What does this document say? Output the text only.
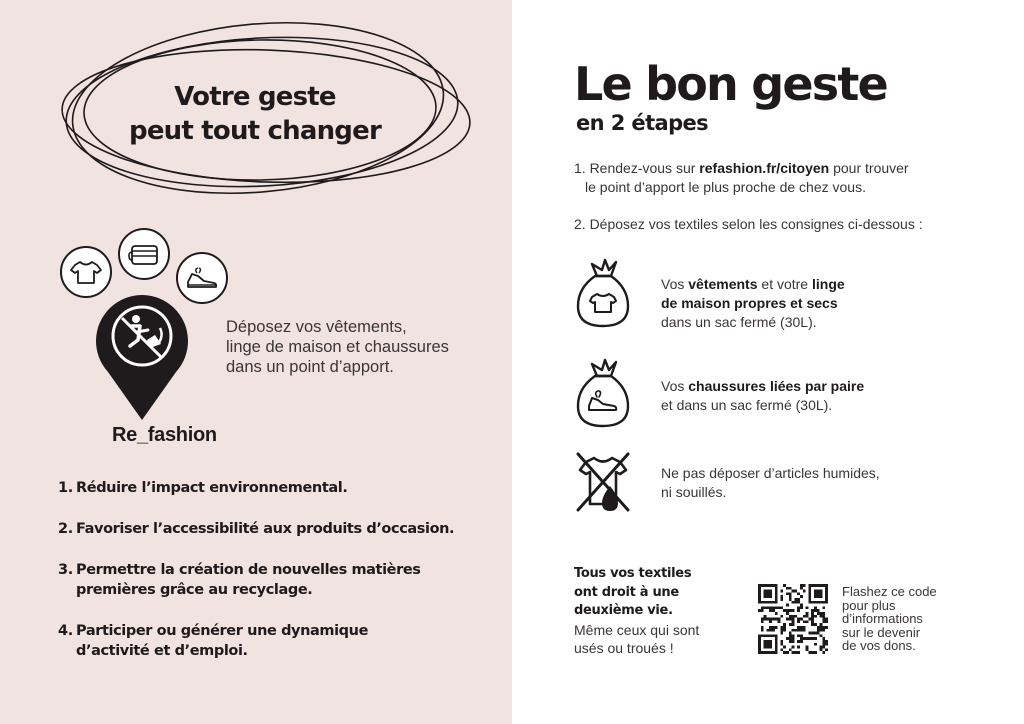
Votre geste
peut tout changer
Re_fashion
Déposez vos vêtements,
linge de maison et chaussures
dans un point d’apport.
1. Réduire l’impact environnemental.
2. Favoriser l’accessibilité aux produits d’occasion.
3. Permettre la création de nouvelles matières
premières grâce au recyclage.
4. Participer ou générer une dynamique
d’activité et d’emploi.
Le bon geste
en 2 étapes
1. Rendez-vous sur refashion.fr/citoyen pour trouver
le point d’apport le plus proche de chez vous.
2. Déposez vos textiles selon les consignes ci-dessous :
Vos vêtements et votre linge
de maison propres et secs
dans un sac fermé (30L).
Vos chaussures liées par paire
et dans un sac fermé (30L).
Ne pas déposer d’articles humides,
ni souillés.
Tous vos textiles
ont droit à une
deuxième vie.
Même ceux qui sont
usés ou troués !
Flashez ce code
pour plus
d’informations
sur le devenir
de vos dons.
